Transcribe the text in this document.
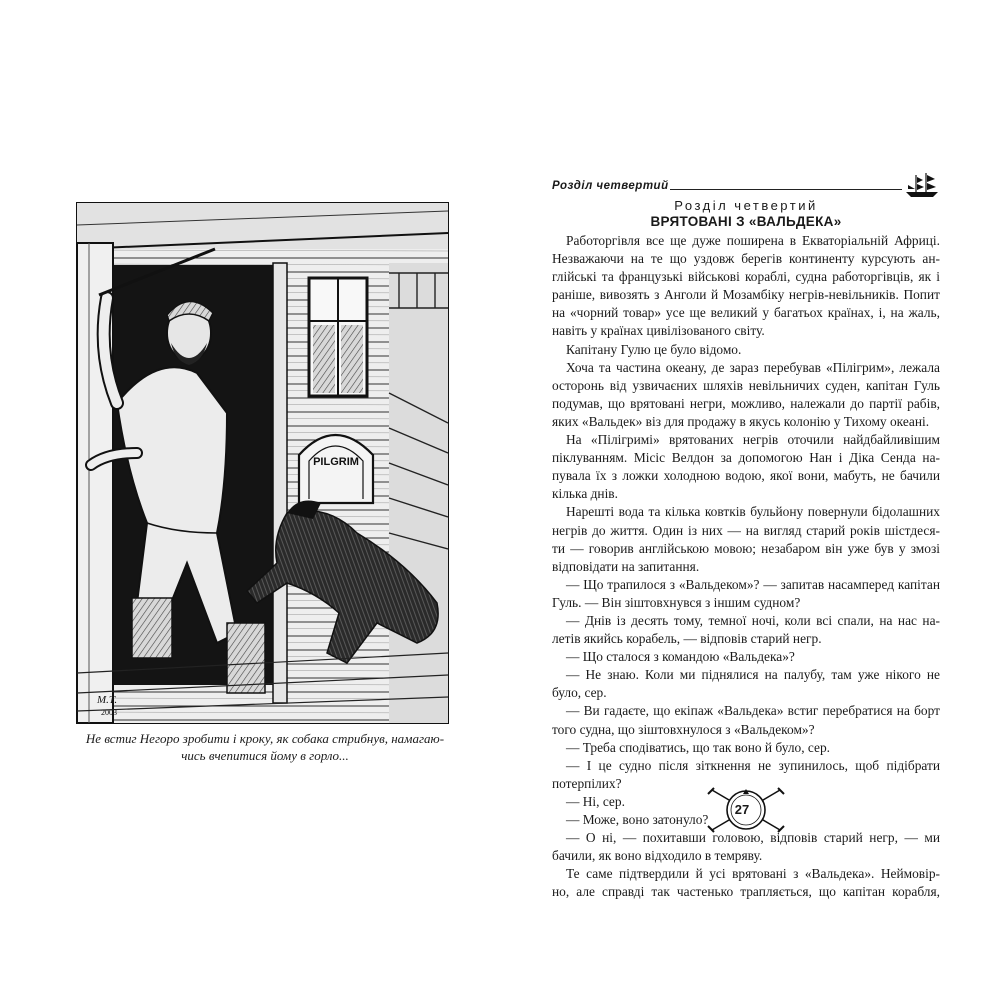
PILGRIM
M.Т.
2003

Не встиг Негоро зробити і кроку, як собака стрибнув, намагаю-
чись вчепитися йому в горло...

Розділ четвертий

Розділ четвертий

ВРЯТОВАНІ З «ВАЛЬДЕКА»
Работоргівля все ще дуже поширена в Екваторіальній Африці.
Незважаючи на те що уздовж берегів континенту курсують ан-
глійські та французькі військові кораблі, судна работоргівців, як і
раніше, вивозять з Анголи й Мозамбіку негрів-невільників. Попит
на «чорний товар» усе ще великий у багатьох країнах, і, на жаль,
навіть у країнах цивілізованого світу.
Капітану Гулю це було відомо.
Хоча та частина океану, де зараз перебував «Пілігрим», лежала
осторонь від узвичаєних шляхів невільничих суден, капітан Гуль
подумав, що врятовані негри, можливо, належали до партії рабів,
яких «Вальдек» віз для продажу в якусь колонію у Тихому океані.
На «Пілігримі» врятованих негрів оточили найдбайливішим
піклуванням. Місіс Велдон за допомогою Нан і Діка Сенда на-
пувала їх з ложки холодною водою, якої вони, мабуть, не бачили
кілька днів.
Нарешті вода та кілька ковтків бульйону повернули бідолашних
негрів до життя. Один із них — на вигляд старий років шістдеся-
ти — говорив англійською мовою; незабаром він уже був у змозі
відповідати на запитання.
— Що трапилося з «Вальдеком»? — запитав насамперед капітан
Гуль. — Він зіштовхнувся з іншим судном?
— Днів із десять тому, темної ночі, коли всі спали, на нас на-
летів якийсь корабель, — відповів старий негр.
— Що сталося з командою «Вальдека»?
— Не знаю. Коли ми піднялися на палубу, там уже нікого не
було, сер.
— Ви гадаєте, що екіпаж «Вальдека» встиг перебратися на борт
того судна, що зіштовхнулося з «Вальдеком»?
— Треба сподіватись, що так воно й було, сер.
— І це судно після зіткнення не зупинилось, щоб підібрати
потерпілих?
— Ні, сер.
— Може, воно затонуло?
— О ні, — похитавши головою, відповів старий негр, — ми
бачили, як воно відходило в темряву.
Те саме підтвердили й усі врятовані з «Вальдека». Неймовір-
но, але справді так частенько трапляється, що капітан корабля,
27
